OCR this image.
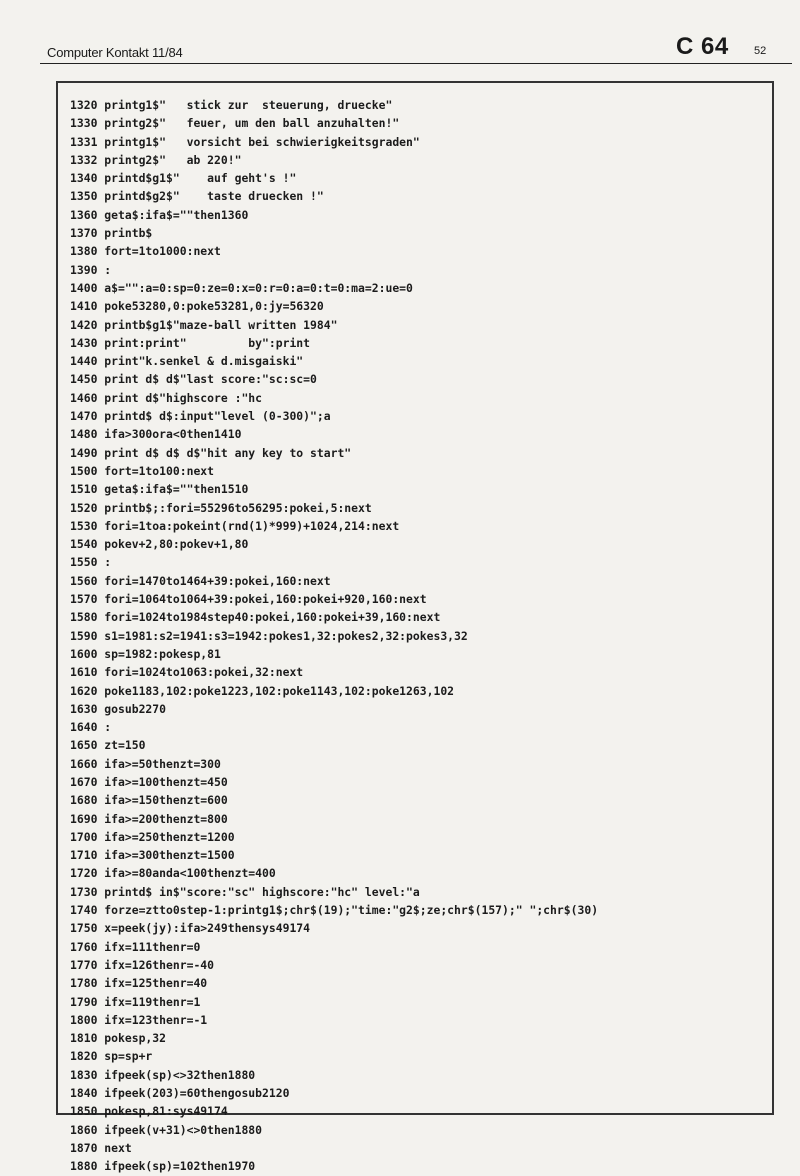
Computer Kontakt 11/84	C 64 52
1320 printg1$"   stick zur  steuerung, druecke"
1330 printg2$"   feuer, um den ball anzuhalten!"
1331 printg1$"   vorsicht bei schwierigkeitsgraden"
1332 printg2$"   ab 220!"
1340 printd$g1$"    auf geht's !"
1350 printd$g2$"    taste druecken !"
1360 geta$:ifa$=""then1360
1370 printb$
1380 fort=1to1000:next
1390 :
1400 a$="":a=0:sp=0:ze=0:x=0:r=0:a=0:t=0:ma=2:ue=0
1410 poke53280,0:poke53281,0:jy=56320
1420 printb$g1$"maze-ball written 1984"
1430 print:print"         by":print
1440 print"k.senkel & d.misgaiski"
1450 print d$ d$"last score:"sc:sc=0
1460 print d$"highscore :"hc
1470 printd$ d$:input"level (0-300)";a
1480 ifa>300ora<0then1410
1490 print d$ d$ d$"hit any key to start"
1500 fort=1to100:next
1510 geta$:ifa$=""then1510
1520 printb$;:fori=55296to56295:pokei,5:next
1530 fori=1toa:pokeint(rnd(1)*999)+1024,214:next
1540 pokev+2,80:pokev+1,80
1550 :
1560 fori=1470to1464+39:pokei,160:next
1570 fori=1064to1064+39:pokei,160:pokei+920,160:next
1580 fori=1024to1984step40:pokei,160:pokei+39,160:next
1590 s1=1981:s2=1941:s3=1942:pokes1,32:pokes2,32:pokes3,32
1600 sp=1982:pokesp,81
1610 fori=1024to1063:pokei,32:next
1620 poke1183,102:poke1223,102:poke1143,102:poke1263,102
1630 gosub2270
1640 :
1650 zt=150
1660 ifa>=50thenzt=300
1670 ifa>=100thenzt=450
1680 ifa>=150thenzt=600
1690 ifa>=200thenzt=800
1700 ifa>=250thenzt=1200
1710 ifa>=300thenzt=1500
1720 ifa>=80anda<100thenzt=400
1730 printd$ in$"score:"sc" highscore:"hc" level:"a
1740 forze=ztto0step-1:printg1$;chr$(19);"time:"g2$;ze;chr$(157);" ";chr$(30)
1750 x=peek(jy):ifa>249thensys49174
1760 ifx=111thenr=0
1770 ifx=126thenr=-40
1780 ifx=125thenr=40
1790 ifx=119thenr=1
1800 ifx=123thenr=-1
1810 pokesp,32
1820 sp=sp+r
1830 ifpeek(sp)<>32then1880
1840 ifpeek(203)=60thengosub2120
1850 pokesp,81:sys49174
1860 ifpeek(v+31)<>0then1880
1870 next
1880 ifpeek(sp)=102then1970
